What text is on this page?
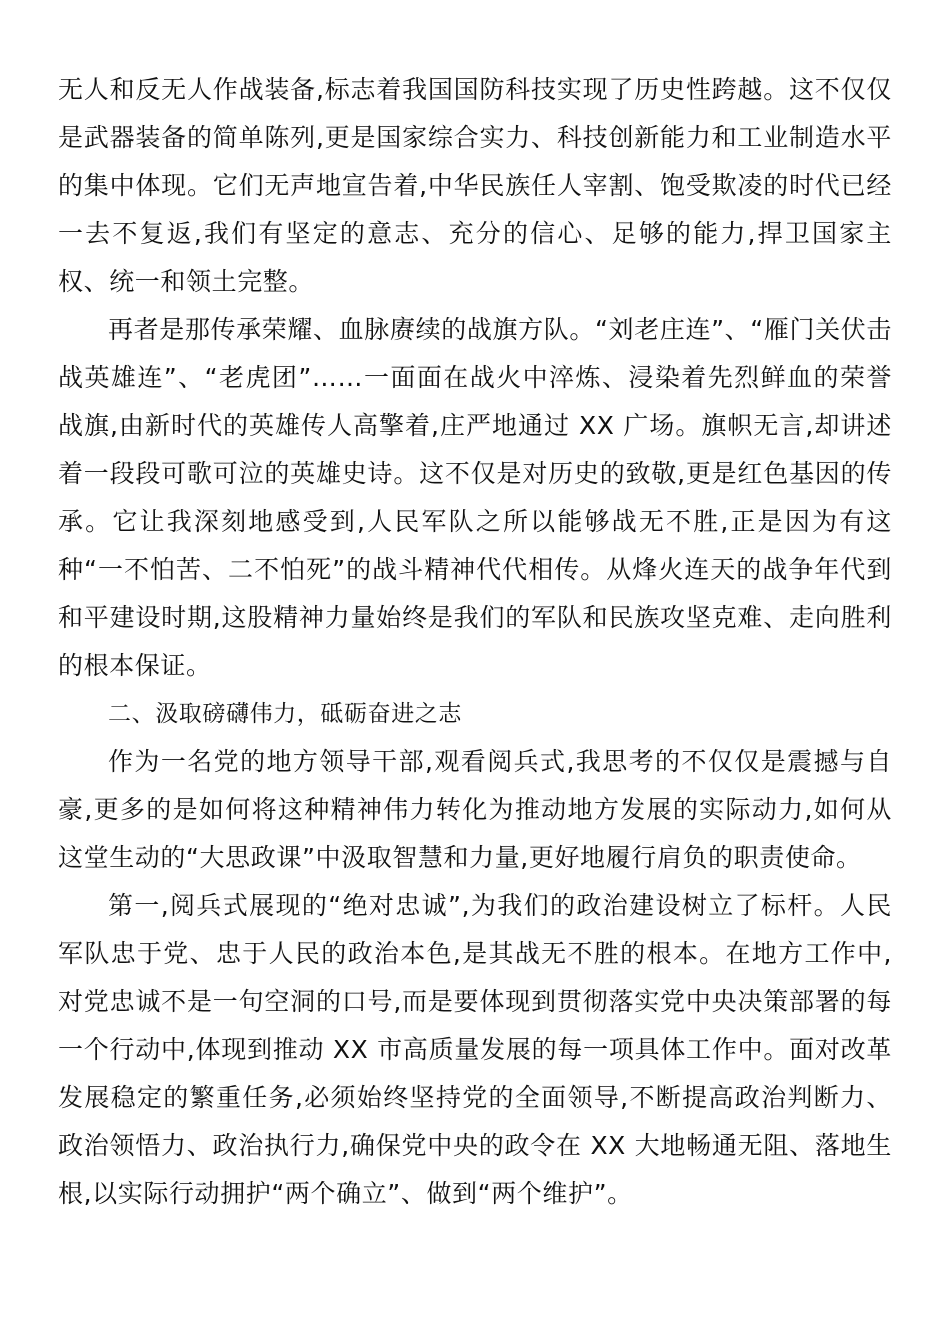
无人和反无人作战装备,标志着我国国防科技实现了历史性跨越。这不仅仅是武器装备的简单陈列,更是国家综合实力、科技创新能力和工业制造水平的集中体现。它们无声地宣告着,中华民族任人宰割、饱受欺凌的时代已经一去不复返,我们有坚定的意志、充分的信心、足够的能力,捍卫国家主权、统一和领土完整。

再者是那传承荣耀、血脉赓续的战旗方队。“刘老庄连”、“雁门关伏击战英雄连”、“老虎团”……一面面在战火中淬炼、浸染着先烈鲜血的荣誉战旗,由新时代的英雄传人高擎着,庄严地通过 XX 广场。旗帜无言,却讲述着一段段可歌可泣的英雄史诗。这不仅是对历史的致敬,更是红色基因的传承。它让我深刻地感受到,人民军队之所以能够战无不胜,正是因为有这种“一不怕苦、二不怕死”的战斗精神代代相传。从烽火连天的战争年代到和平建设时期,这股精神力量始终是我们的军队和民族攻坚克难、走向胜利的根本保证。

二、汲取磅礴伟力，砥砺奋进之志

作为一名党的地方领导干部,观看阅兵式,我思考的不仅仅是震撼与自豪,更多的是如何将这种精神伟力转化为推动地方发展的实际动力,如何从这堂生动的“大思政课”中汲取智慧和力量,更好地履行肩负的职责使命。

第一,阅兵式展现的“绝对忠诚”,为我们的政治建设树立了标杆。人民军队忠于党、忠于人民的政治本色,是其战无不胜的根本。在地方工作中,对党忠诚不是一句空洞的口号,而是要体现到贯彻落实党中央决策部署的每一个行动中,体现到推动 XX 市高质量发展的每一项具体工作中。面对改革发展稳定的繁重任务,必须始终坚持党的全面领导,不断提高政治判断力、政治领悟力、政治执行力,确保党中央的政令在 XX 大地畅通无阻、落地生根,以实际行动拥护“两个确立”、做到“两个维护”。
